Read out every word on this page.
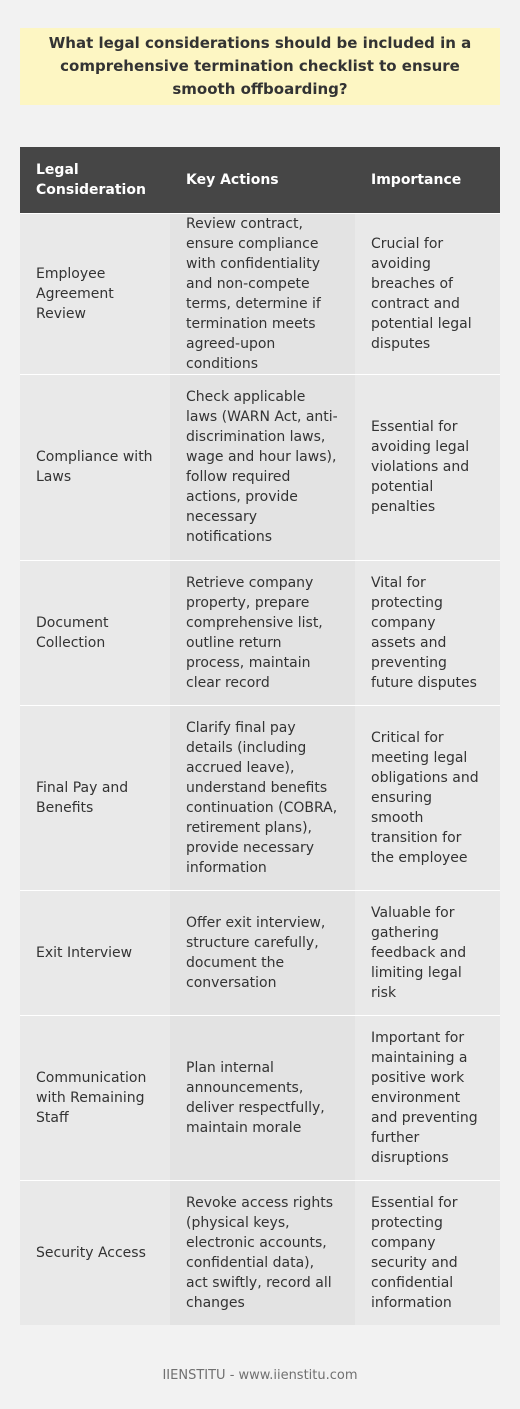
What legal considerations should be included in a comprehensive termination checklist to ensure smooth offboarding?
Legal Consideration	Key Actions	Importance
Employee Agreement Review	Review contract, ensure compliance with confidentiality and non-compete terms, determine if termination meets agreed-upon conditions	Crucial for avoiding breaches of contract and potential legal disputes
Compliance with Laws	Check applicable laws (WARN Act, anti-discrimination laws, wage and hour laws), follow required actions, provide necessary notifications	Essential for avoiding legal violations and potential penalties
Document Collection	Retrieve company property, prepare comprehensive list, outline return process, maintain clear record	Vital for protecting company assets and preventing future disputes
Final Pay and Benefits	Clarify final pay details (including accrued leave), understand benefits continuation (COBRA, retirement plans), provide necessary information	Critical for meeting legal obligations and ensuring smooth transition for the employee
Exit Interview	Offer exit interview, structure carefully, document the conversation	Valuable for gathering feedback and limiting legal risk
Communication with Remaining Staff	Plan internal announcements, deliver respectfully, maintain morale	Important for maintaining a positive work environment and preventing further disruptions
Security Access	Revoke access rights (physical keys, electronic accounts, confidential data), act swiftly, record all changes	Essential for protecting company security and confidential information
IIENSTITU - www.iienstitu.com
